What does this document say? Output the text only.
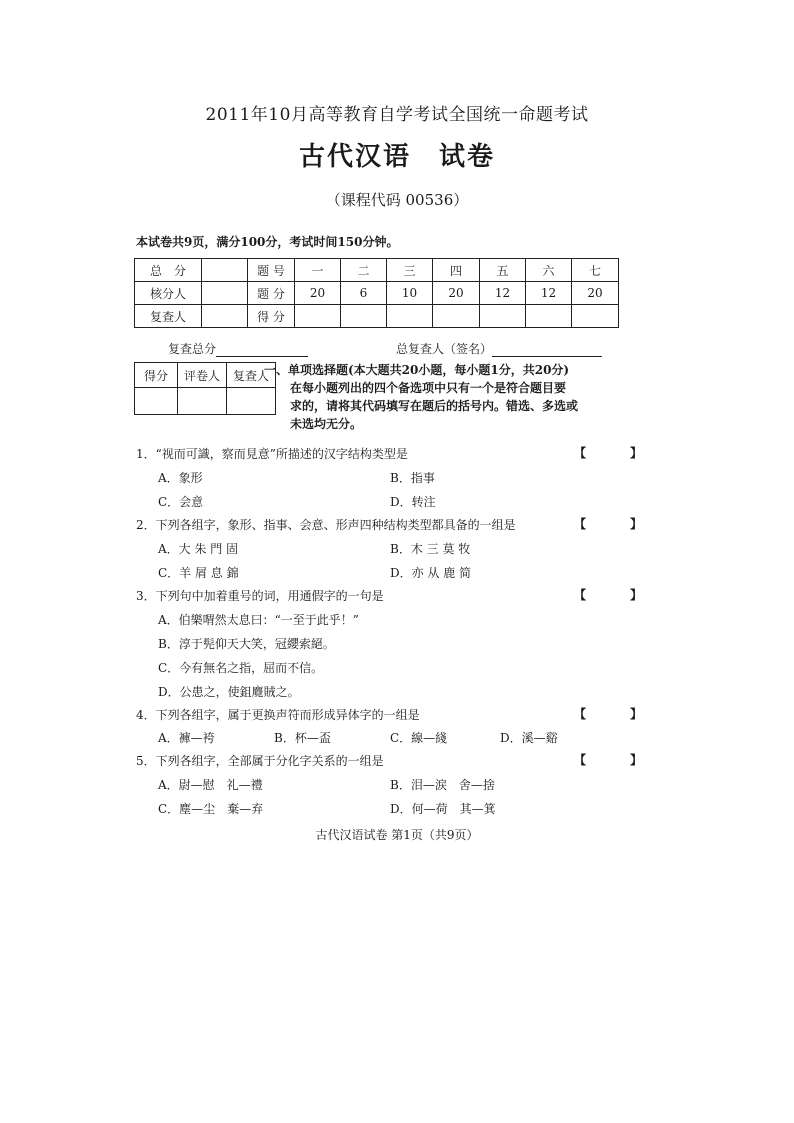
2011年10月高等教育自学考试全国统一命题考试
古代汉语　试卷
（课程代码 00536）
本试卷共9页，满分100分，考试时间150分钟。
总　分		题 号	一	二	三	四	五	六	七
核分人		题 分	20	6	10	20	12	12	20
复查人		得 分							
复查总分	总复查人（签名）
得分	评卷人	复查人

一、单项选择题(本大题共20小题，每小题1分，共20分)
在每小题列出的四个备选项中只有一个是符合题目要
求的，请将其代码填写在题后的括号内。错选、多选或
未选均无分。
1．“视而可識，察而見意”所描述的汉字结构类型是	【 】
A．象形	B．指事
C．会意	D．转注
2．下列各组字，象形、指事、会意、形声四种结构类型都具备的一组是	【 】
A．大 朱 門 固	B．木 三 莫 牧
C．羊 屑 息 錦	D．亦 从 鹿 简
3．下列句中加着重号的词，用通假字的一句是	【 】
A．伯樂喟然太息曰：“一至于此乎！”
B．淳于髡仰天大笑，冠纓索絕。
C．今有無名之指，屈而不信。
D．公患之，使鉏麑賊之。
4．下列各组字，属于更换声符而形成异体字的一组是	【 】
A．褲—袴	B．杯—盃	C．線—綫	D．溪—谿
5．下列各组字，全部属于分化字关系的一组是	【 】
A．尉—慰　礼—禮	B．泪—涙　舍—捨
C．塵—尘　棄—弃	D．何—荷　其—箕
古代汉语试卷 第1页（共9页）
